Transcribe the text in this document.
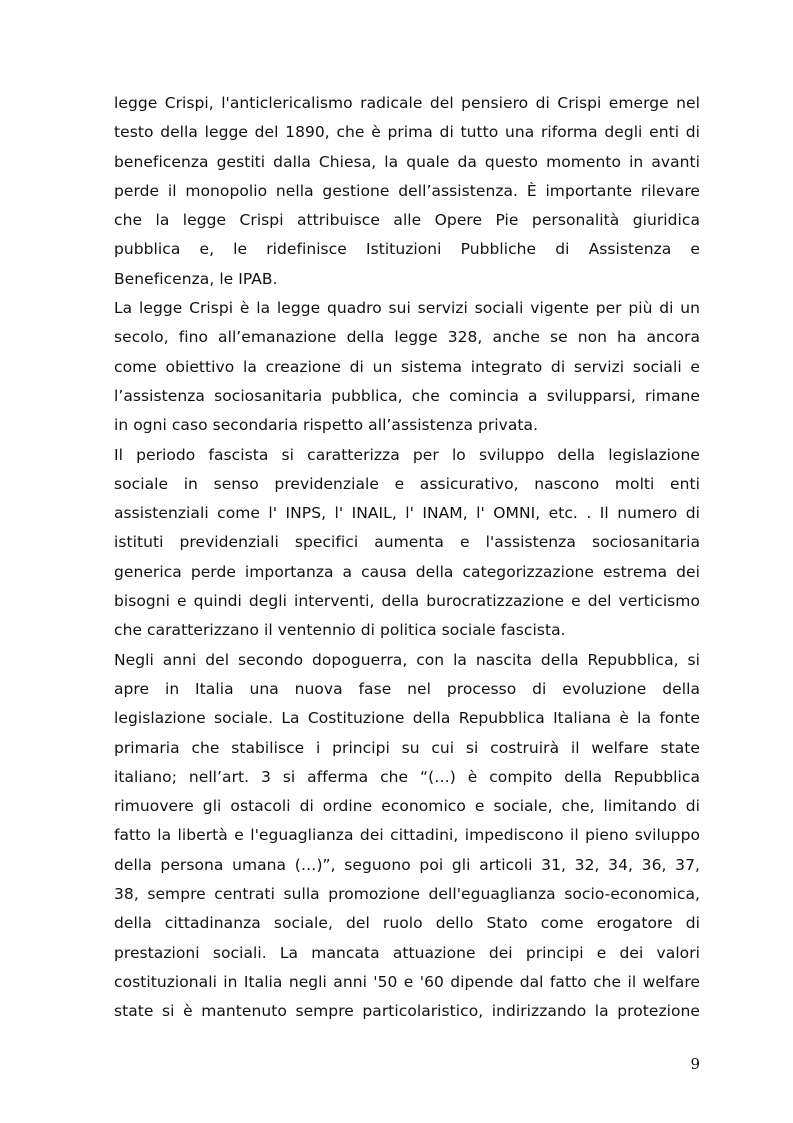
legge Crispi, l'anticlericalismo radicale del pensiero di Crispi emerge nel
testo della legge del 1890, che è prima di tutto una riforma degli enti di
beneficenza gestiti dalla Chiesa, la quale da questo momento in avanti
perde il monopolio nella gestione dell’assistenza. È importante rilevare
che la legge Crispi attribuisce alle Opere Pie personalità giuridica
pubblica e, le ridefinisce Istituzioni Pubbliche di Assistenza e
Beneficenza, le IPAB.
La legge Crispi è la legge quadro sui servizi sociali vigente per più di un
secolo, fino all’emanazione della legge 328, anche se non ha ancora
come obiettivo la creazione di un sistema integrato di servizi sociali e
l’assistenza sociosanitaria pubblica, che comincia a svilupparsi, rimane
in ogni caso secondaria rispetto all’assistenza privata.
Il periodo fascista si caratterizza per lo sviluppo della legislazione
sociale in senso previdenziale e assicurativo, nascono molti enti
assistenziali come l' INPS, l' INAIL, l' INAM, l' OMNI, etc. . Il numero di
istituti previdenziali specifici aumenta e l'assistenza sociosanitaria
generica perde importanza a causa della categorizzazione estrema dei
bisogni e quindi degli interventi, della burocratizzazione e del verticismo
che caratterizzano il ventennio di politica sociale fascista.
Negli anni del secondo dopoguerra, con la nascita della Repubblica, si
apre in Italia una nuova fase nel processo di evoluzione della
legislazione sociale. La Costituzione della Repubblica Italiana è la fonte
primaria che stabilisce i principi su cui si costruirà il welfare state
italiano; nell’art. 3 si afferma che “(…) è compito della Repubblica
rimuovere gli ostacoli di ordine economico e sociale, che, limitando di
fatto la libertà e l'eguaglianza dei cittadini, impediscono il pieno sviluppo
della persona umana (…)”, seguono poi gli articoli 31, 32, 34, 36, 37,
38, sempre centrati sulla promozione dell'eguaglianza socio-economica,
della cittadinanza sociale, del ruolo dello Stato come erogatore di
prestazioni sociali. La mancata attuazione dei principi e dei valori
costituzionali in Italia negli anni '50 e '60 dipende dal fatto che il welfare
state si è mantenuto sempre particolaristico, indirizzando la protezione
9
